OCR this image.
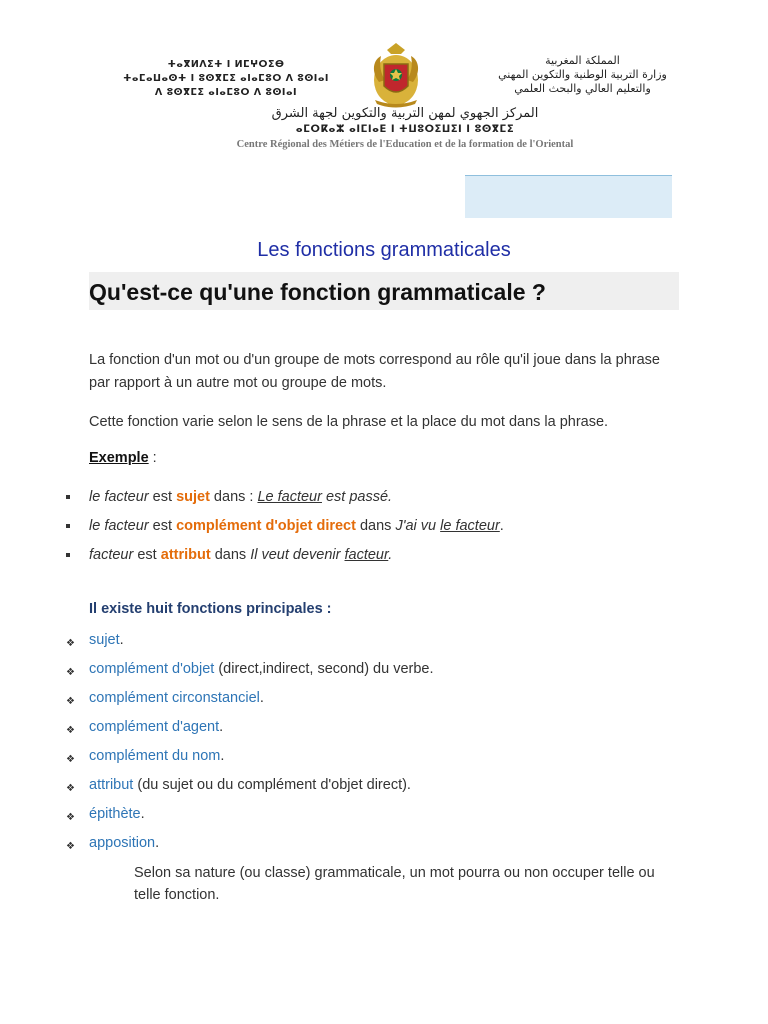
ⵜⴰⴳⵍⴷⵉⵜ ⵏ ⵍⵎⵖⵔⵉⴱ
ⵜⴰⵎⴰⵡⴰⵙⵜ ⵏ ⵓⵙⴳⵎⵉ ⴰⵏⴰⵎⵓⵔ ⴷ ⵓⵙⵏⴰⵏ
ⴷ ⵓⵙⴳⵎⵉ ⴰⵏⴰⵎⵓⵔ ⴷ ⵓⵙⵏⴰⵏ
المملكة المغربية
وزارة التربية الوطنية والتكوين المهني
والتعليم العالي والبحث العلمي
المركز الجهوي لمهن التربية والتكوين لجهة الشرق
ⴰⵎⵔⴽⴰⵣ ⴰⵏⵎⵏⴰⴹ ⵏ ⵜⵡⵓⵔⵉⵡⵉⵏ ⵏ ⵓⵙⴳⵎⵉ
Centre Régional des Métiers de l'Education et de la formation de l'Oriental
Les fonctions grammaticales
Qu'est-ce qu'une fonction grammaticale ?
La fonction d'un mot ou d'un groupe de mots correspond au rôle qu'il joue dans la phrase par rapport à un autre mot ou groupe de mots.
Cette fonction varie selon le sens de la phrase et la place du mot dans la phrase.
Exemple :
le facteur est sujet dans : Le facteur est passé.
le facteur est complément d'objet direct dans J'ai vu le facteur.
facteur est attribut dans Il veut devenir facteur.
Il existe huit fonctions principales :
❖ sujet.
❖ complément d'objet (direct,indirect, second) du verbe.
❖ complément circonstanciel.
❖ complément d'agent.
❖ complément du nom.
❖ attribut (du sujet ou du complément d'objet direct).
❖ épithète.
❖ apposition.
Selon sa nature (ou classe) grammaticale, un mot pourra ou non occuper telle ou telle fonction.
